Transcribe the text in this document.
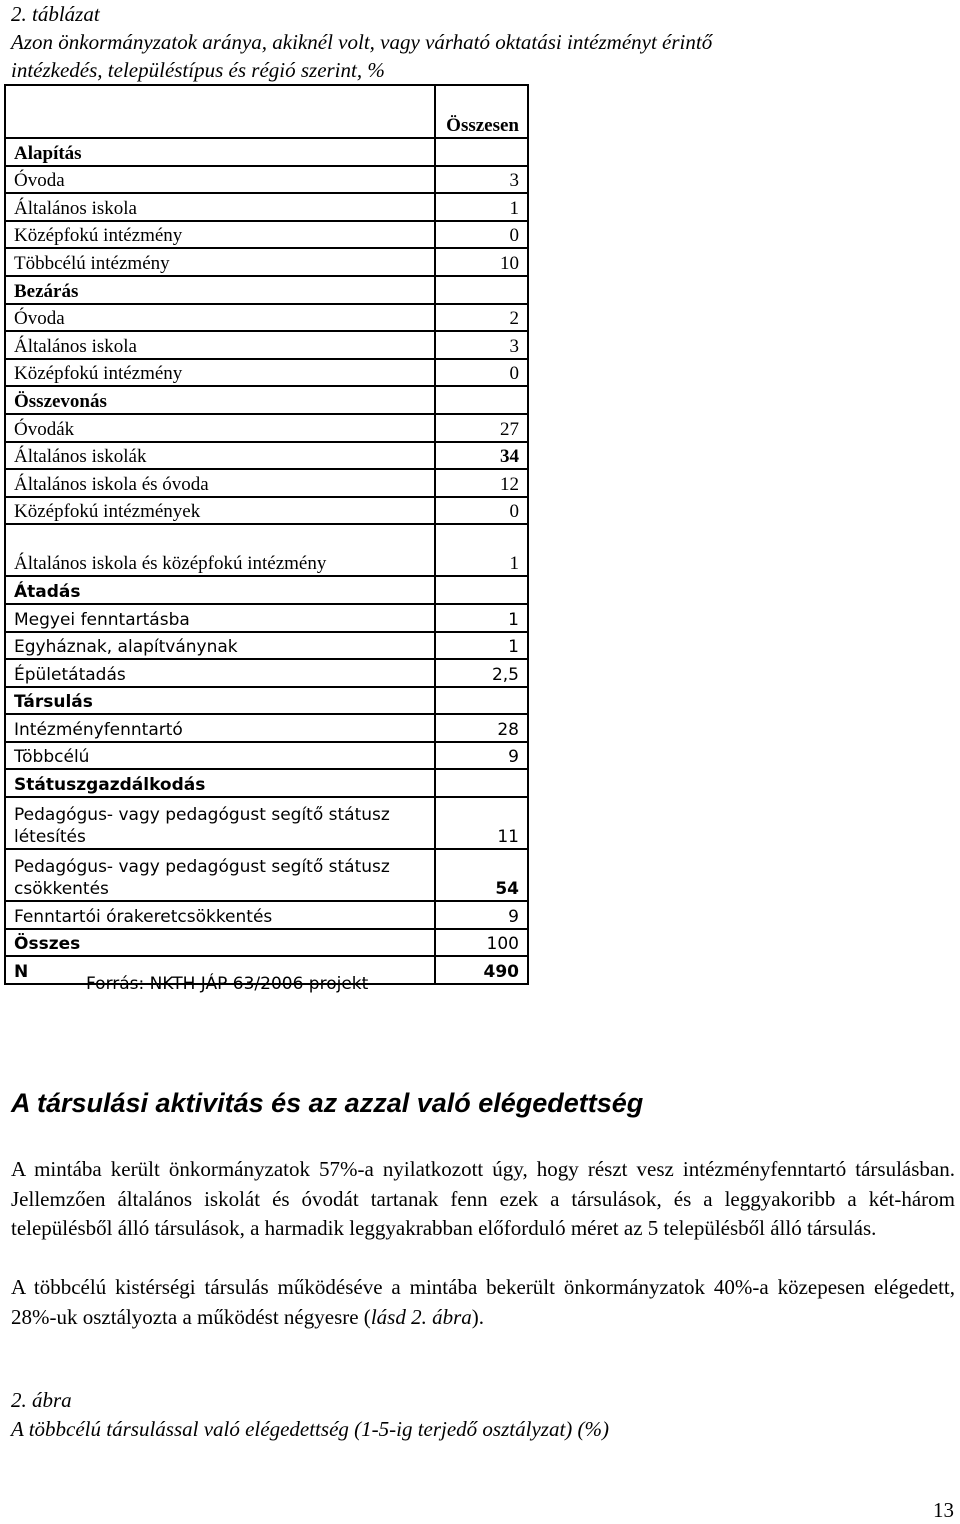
2. táblázat
Azon önkormányzatok aránya, akiknél volt, vagy várható oktatási intézményt érintő
intézkedés, településtípus és régió szerint, %
	Összesen
Alapítás	
Óvoda	3
Általános iskola	1
Középfokú intézmény	0
Többcélú intézmény	10
Bezárás	
Óvoda	2
Általános iskola	3
Középfokú intézmény	0
Összevonás	
Óvodák	27
Általános iskolák	34
Általános iskola és óvoda	12
Középfokú intézmények	0
Általános iskola és középfokú intézmény	1
Átadás	
Megyei fenntartásba	1
Egyháznak, alapítványnak	1
Épületátadás	2,5
Társulás	
Intézményfenntartó	28
Többcélú	9
Státuszgazdálkodás	
Pedagógus- vagy pedagógust segítő státusz létesítés	11
Pedagógus- vagy pedagógust segítő státusz csökkentés	54
Fenntartói órakeretcsökkentés	9
Összes	100
N	490
Forrás: NKTH JÁP 63/2006 projekt
A társulási aktivitás és az azzal való elégedettség
A mintába került önkormányzatok 57%-a nyilatkozott úgy, hogy részt vesz intézményfenntartó társulásban. Jellemzően általános iskolát és óvodát tartanak fenn ezek a társulások, és a leggyakoribb a két-három településből álló társulások, a harmadik leggyakrabban előforduló méret az 5 településből álló társulás.
A többcélú kistérségi társulás működéséve a mintába bekerült önkormányzatok 40%-a közepesen elégedett, 28%-uk osztályozta a működést négyesre (lásd 2. ábra).
2. ábra
A többcélú társulással való elégedettség (1-5-ig terjedő osztályzat) (%)
13
